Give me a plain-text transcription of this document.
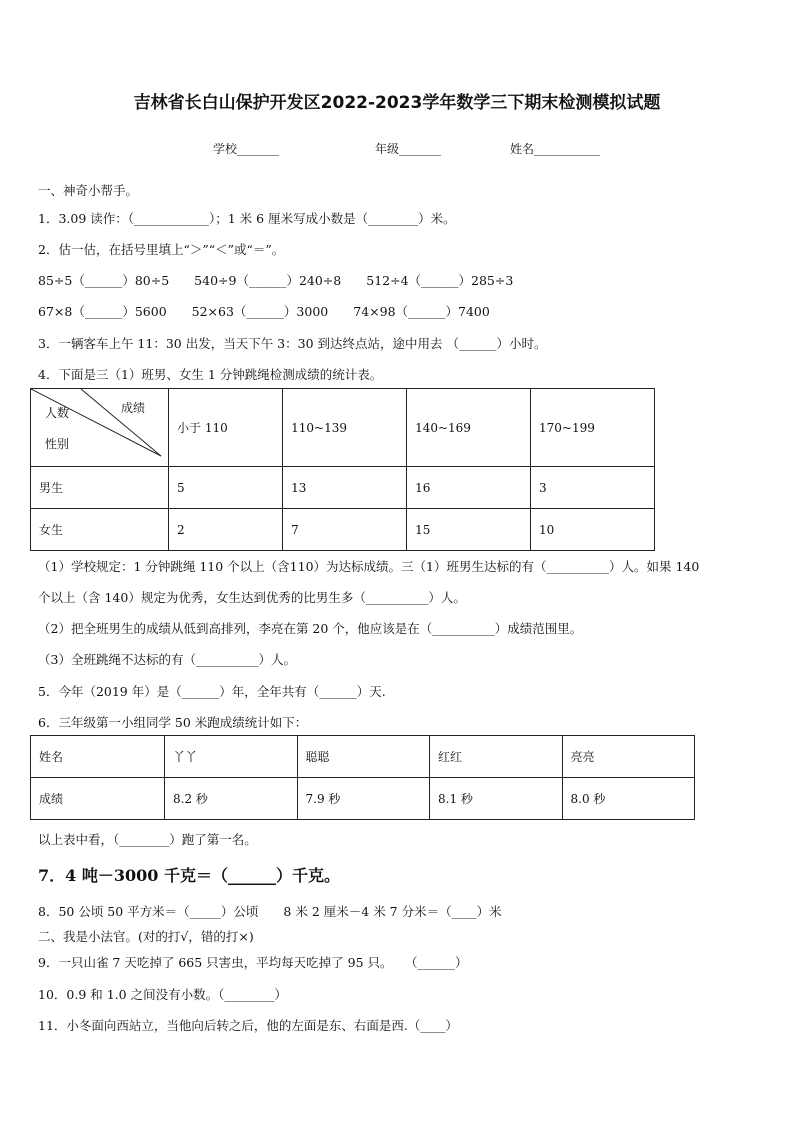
吉林省长白山保护开发区2022-2023学年数学三下期末检测模拟试题
学校_______	年级_______	姓名___________
一、神奇小帮手。
1．3.09 读作：（____________）；1 米 6 厘米写成小数是（________）米。
2．估一估，在括号里填上“＞”“＜”或“＝”。
85÷5（______）80÷5　　540÷9（______）240÷8　　512÷4（______）285÷3
67×8（______）5600　　52×63（______）3000　　74×98（______）7400
3．一辆客车上午 11：30 出发，当天下午 3：30 到达终点站，途中用去 （______）小时。
4．下面是三（1）班男、女生 1 分钟跳绳检测成绩的统计表。
成绩
人数
性别	小于 110	110~139	140~169	170~199
男生	5	13	16	3
女生	2	7	15	10
（1）学校规定：1 分钟跳绳 110 个以上（含110）为达标成绩。三（1）班男生达标的有（__________）人。如果 140
个以上（含 140）规定为优秀，女生达到优秀的比男生多（__________）人。
（2）把全班男生的成绩从低到高排列，李亮在第 20 个，他应该是在（__________）成绩范围里。
（3）全班跳绳不达标的有（__________）人。
5．今年（2019 年）是（______）年，全年共有（______）天.
6．三年级第一小组同学 50 米跑成绩统计如下：
姓名	丫丫	聪聪	红红	亮亮
成绩	8.2 秒	7.9 秒	8.1 秒	8.0 秒
以上表中看，（________）跑了第一名。
7．4 吨－3000 千克＝（______）千克。
8．50 公顷 50 平方米＝（_____）公顷　　8 米 2 厘米－4 米 7 分米＝（____）米
二、我是小法官。(对的打√，错的打×)
9．一只山雀 7 天吃掉了 665 只害虫，平均每天吃掉了 95 只。　　（______）
10．0.9 和 1.0 之间没有小数。（________）
11．小冬面向西站立，当他向后转之后，他的左面是东、右面是西.（____）
